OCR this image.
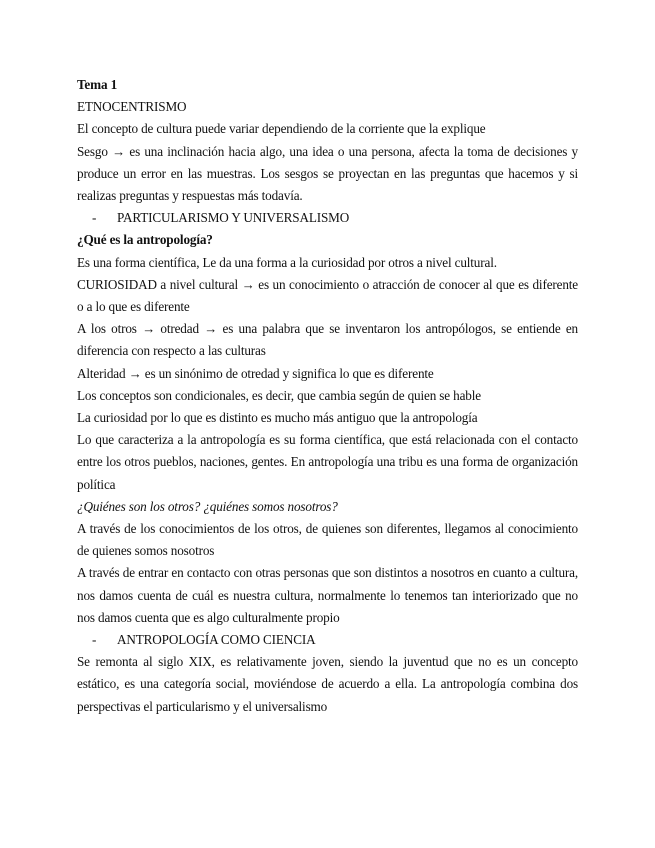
Tema 1
ETNOCENTRISMO
El concepto de cultura puede variar dependiendo de la corriente que la explique
Sesgo → es una inclinación hacia algo, una idea o una persona, afecta la toma de decisiones y
produce un error en las muestras. Los sesgos se proyectan en las preguntas que hacemos y si
realizas preguntas y respuestas más todavía.
- PARTICULARISMO Y UNIVERSALISMO
¿Qué es la antropología?
Es una forma científica, Le da una forma a la curiosidad por otros a nivel cultural.
CURIOSIDAD a nivel cultural → es un conocimiento o atracción de conocer al que es diferente
o a lo que es diferente
A los otros → otredad → es una palabra que se inventaron los antropólogos, se entiende en
diferencia con respecto a las culturas
Alteridad → es un sinónimo de otredad y significa lo que es diferente
Los conceptos son condicionales, es decir, que cambia según de quien se hable
La curiosidad por lo que es distinto es mucho más antiguo que la antropología
Lo que caracteriza a la antropología es su forma científica, que está relacionada con el contacto
entre los otros pueblos, naciones, gentes. En antropología una tribu es una forma de organización
política
¿Quiénes son los otros? ¿quiénes somos nosotros?
A través de los conocimientos de los otros, de quienes son diferentes, llegamos al conocimiento
de quienes somos nosotros
A través de entrar en contacto con otras personas que son distintos a nosotros en cuanto a cultura,
nos damos cuenta de cuál es nuestra cultura, normalmente lo tenemos tan interiorizado que no
nos damos cuenta que es algo culturalmente propio
- ANTROPOLOGÍA COMO CIENCIA
Se remonta al siglo XIX, es relativamente joven, siendo la juventud que no es un concepto
estático, es una categoría social, moviéndose de acuerdo a ella. La antropología combina dos
perspectivas el particularismo y el universalismo
